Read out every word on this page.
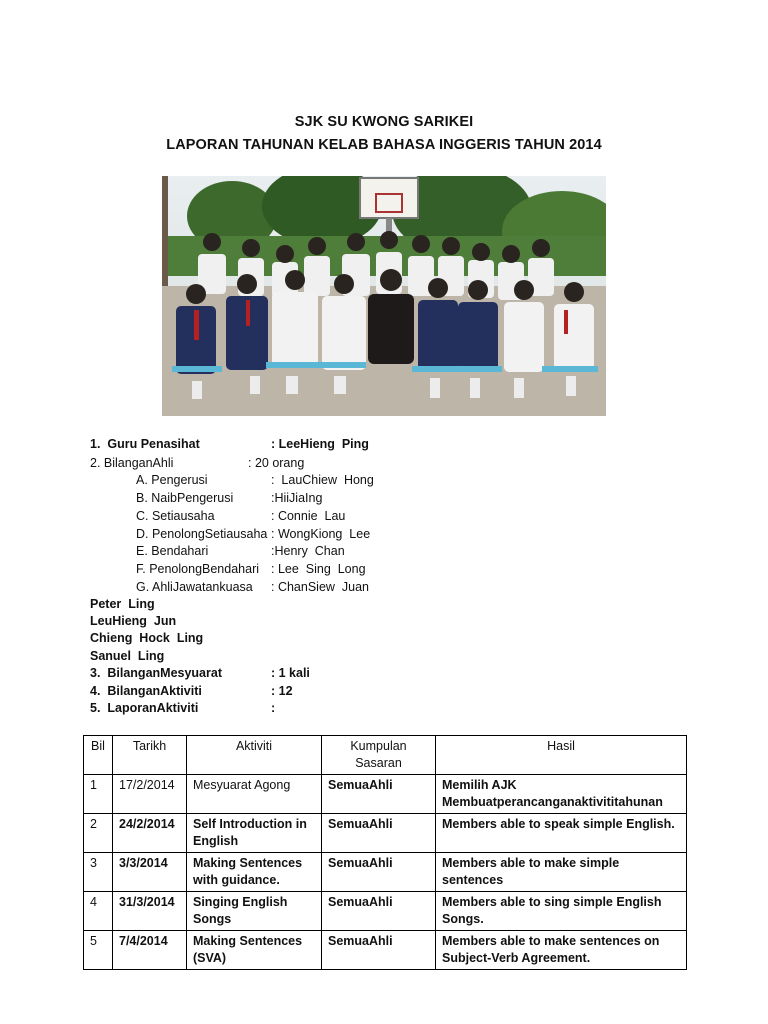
SJK SU KWONG SARIKEI
LAPORAN TAHUNAN KELAB BAHASA INGGERIS TAHUN 2014
1.  Guru Penasihat	: LeeHieng  Ping
2. BilanganAhli	: 20 orang
A. Pengerusi	:  LauChiew  Hong
B. NaibPengerusi	:HiiJiaIng
C. Setiausaha	: Connie  Lau
D. PenolongSetiausaha : WongKiong  Lee
E. Bendahari	:Henry  Chan
F. PenolongBendahari : Lee  Sing  Long
G. AhliJawatankuasa : ChanSiew  Juan
Peter  Ling
LeuHieng  Jun
Chieng  Hock  Ling
Sanuel  Ling
3.  BilanganMesyuarat	: 1 kali
4.  BilanganAktiviti	: 12
5.  LaporanAktiviti	:
Bil	Tarikh	Aktiviti	Kumpulan Sasaran	Hasil
1	17/2/2014	Mesyuarat Agong	SemuaAhli	Memilih AJK Membuatperancanganaktivititahunan
2	24/2/2014	Self Introduction in English	SemuaAhli	Members able to speak simple English.
3	3/3/2014	Making Sentences with guidance.	SemuaAhli	Members able to make simple sentences
4	31/3/2014	Singing English Songs	SemuaAhli	Members able to sing simple English Songs.
5	7/4/2014	Making Sentences (SVA)	SemuaAhli	Members able to make sentences on Subject-Verb Agreement.
